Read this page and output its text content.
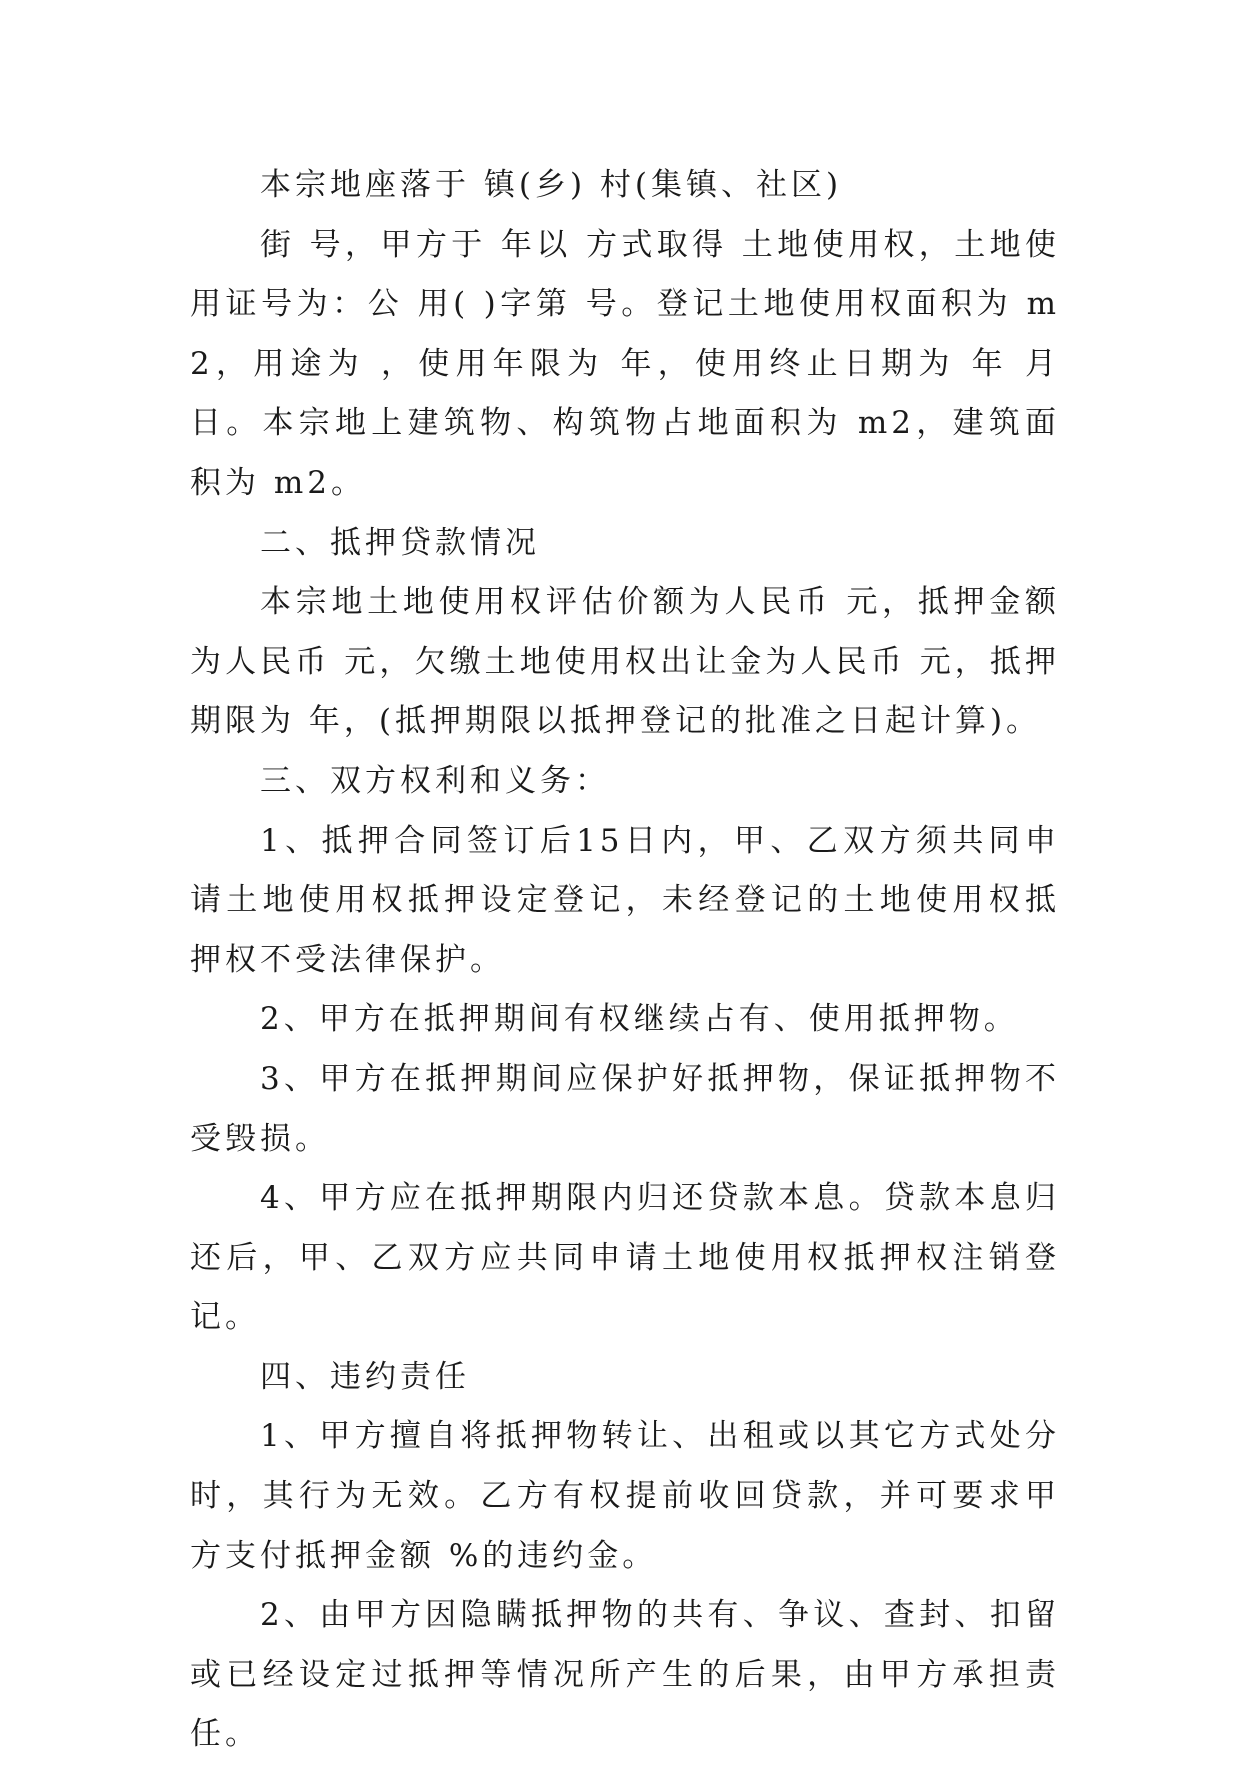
本宗地座落于 镇(乡) 村(集镇、社区)

街 号，甲方于 年以 方式取得 土地使用权，土地使用证号为：公 用( )字第 号。登记土地使用权面积为 m2，用途为 ，使用年限为 年，使用终止日期为 年 月 日。本宗地上建筑物、构筑物占地面积为 m2，建筑面积为 m2。

二、抵押贷款情况

本宗地土地使用权评估价额为人民币 元，抵押金额为人民币 元，欠缴土地使用权出让金为人民币 元，抵押期限为 年，(抵押期限以抵押登记的批准之日起计算)。

三、双方权利和义务：

1、抵押合同签订后15日内，甲、乙双方须共同申请土地使用权抵押设定登记，未经登记的土地使用权抵押权不受法律保护。

2、甲方在抵押期间有权继续占有、使用抵押物。

3、甲方在抵押期间应保护好抵押物，保证抵押物不受毁损。

4、甲方应在抵押期限内归还贷款本息。贷款本息归还后，甲、乙双方应共同申请土地使用权抵押权注销登记。

四、违约责任

1、甲方擅自将抵押物转让、出租或以其它方式处分时，其行为无效。乙方有权提前收回贷款，并可要求甲方支付抵押金额 %的违约金。

2、由甲方因隐瞒抵押物的共有、争议、查封、扣留或已经设定过抵押等情况所产生的后果，由甲方承担责任。
